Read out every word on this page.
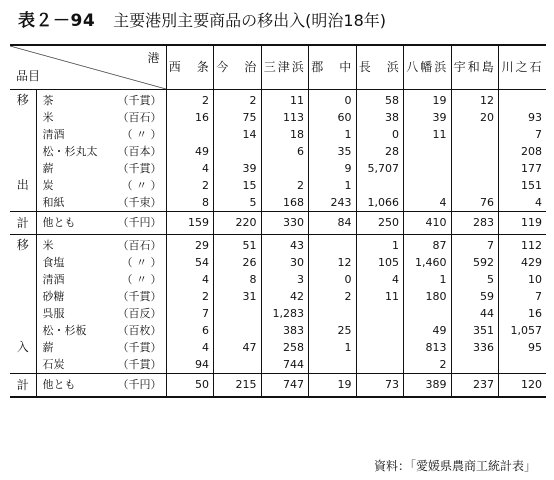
表２－94 主要港別主要商品の移出入(明治18年)
港
品目		西　条	今　治	三津浜	郡　中	長　浜	八幡浜	宇和島	川之石
移	茶 （千貫）	2	2	11	0	58	19	12	
	米 （百石）	16	75	113	60	38	39	20	93
	清酒 （ 〃 ）		14	18	1	0	11		7
	松・杉丸太 （百本）	49		6	35	28			208
	薪 （千貫）	4	39		9	5,707			177
出	炭 （ 〃 ）	2	15	2	1				151
	和紙 （千束）	8	5	168	243	1,066	4	76	4
計	他とも （千円）	159	220	330	84	250	410	283	119
移	米 （百石）	29	51	43		1	87	7	112
	食塩 （ 〃 ）	54	26	30	12	105	1,460	592	429
	清酒 （ 〃 ）	4	8	3	0	4	1	5	10
	砂糖 （千貫）	2	31	42	2	11	180	59	7
	呉服 （百反）	7		1,283				44	16
	松・杉板 （百枚）	6		383	25		49	351	1,057
入	薪 （千貫）	4	47	258	1		813	336	95
	石炭 （千貫）	94		744			2		
計	他とも （千円）	50	215	747	19	73	389	237	120
資料：「愛媛県農商工統計表」
